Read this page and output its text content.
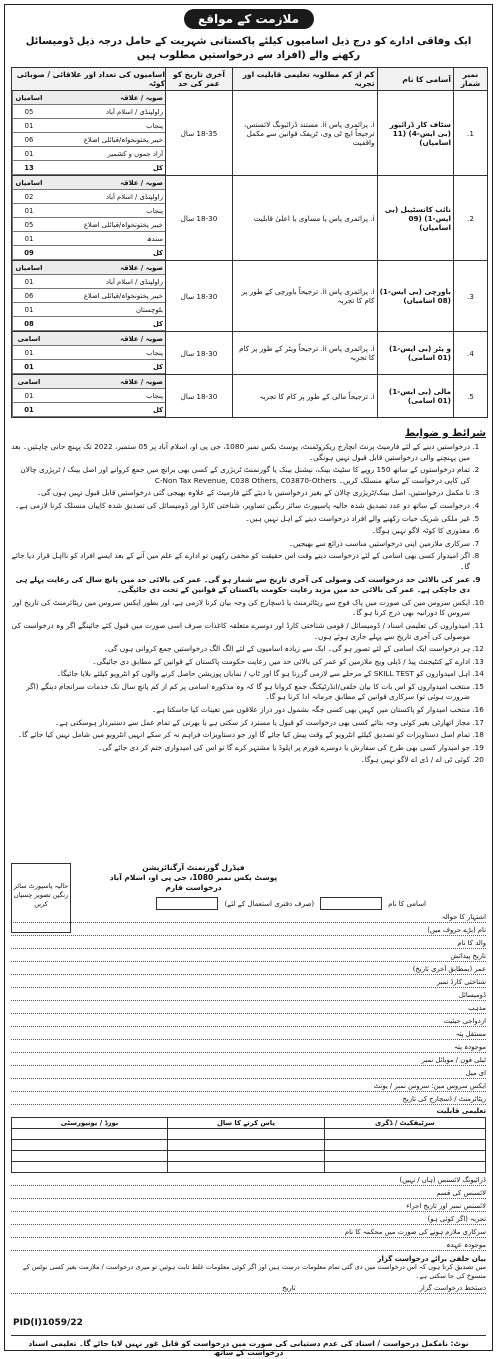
ملازمت کے مواقع
ایک وفاقی ادارے کو درج ذیل اسامیوں کیلئے پاکستانی شہریت کے حامل درجہ ذیل ڈومیسائل رکھنے والے (افراد سے درخواستیں مطلوب ہیں
نمبر شمار	آسامی کا نام	کم از کم مطلوبہ تعلیمی قابلیت اور تجربہ	آخری تاریخ کو عمر کی حد	اسامیوں کی تعداد اور علاقائی / صوبائی کوٹہ
1.	سٹاف کار ڈرائیور (بی ایس-4) (11 اسامیاں)	i. پرائمری پاس ii. مستند ڈرائیونگ لائسنس، ترجیحاً ایچ ٹی وی، ٹریفک قوانین سے مکمل واقفیت	18-35 سال	
صوبہ / علاقہ	اسامیاں
راولپنڈی / اسلام آباد	05
پنجاب	01
خیبر پختونخواہ/قبائلی اضلاع	06
آزاد جموں و کشمیر	01
کل	13

2.	نائب کانسٹیبل (بی ایس-1) (09 اسامیاں)	i. پرائمری پاس یا مساوی یا اعلیٰ قابلیت	18-30 سال	
صوبہ / علاقہ	اسامیاں
راولپنڈی / اسلام آباد	02
پنجاب	01
خیبر پختونخواہ/قبائلی اضلاع	05
سندھ	01
کل	09

3.	باورچی (بی ایس-1) (08 اسامیاں)	i. پرائمری پاس ii. ترجیحاً باورچی کے طور پر کام کا تجربہ	18-30 سال	
صوبہ / علاقہ	اسامیاں
راولپنڈی / اسلام آباد	01
خیبر پختونخواہ/قبائلی اضلاع	06
بلوچستان	01
کل	08

4.	و یٹر (بی ایس-1) (01 اسامی)	i. پرائمری پاس ii. ترجیحاً ویٹر کے طور پر کام کا تجربہ	18-30 سال	
صوبہ / علاقہ	اسامی
پنجاب	01
کل	01

5.	مالی (بی ایس-1) (01 اسامی)	i. ترجیحاً مالی کے طور پر کام کا تجربہ	18-30 سال	
صوبہ / علاقہ	اسامی
پنجاب	01
کل	01
شرائط و ضوابط
1. درخواستیں دینے کے لئے فارمیٹ پرنٹ انچارج ریکروٹمنٹ، پوسٹ بکس نمبر 1080، جی پی او، اسلام آباد پر 05 ستمبر، 2022 تک پہنچ جانی چاہئیں۔ بعد میں پہنچنے والی درخواستیں قابل قبول نہیں ہونگی۔
2. تمام درخواستوں کے ساتھ 150 روپے کا سٹیٹ بینک، نیشنل بینک یا گورنمنٹ ٹریژری کے کسی بھی برانچ میں جمع کروانے اور اصل بینک / ٹریژری چالان کی کاپی درخواست کے ساتھ منسلک کریں۔ C-Non Tax Revenue, C038 Others, C03870-Others
3. نا مکمل درخواستیں، اصل بینک/ٹریژری چالان کے بغیر درخواستیں یا دیئے گئے فارمیٹ کے علاوہ بھیجی گئی درخواستیں قابل قبول نہیں ہوں گی۔
4. درخواست کے ساتھ دو عدد تصدیق شدہ حالیہ پاسپورٹ سائز رنگین تصاویر، شناختی کارڈ اور ڈومیسائل کی تصدیق شدہ کاپیاں منسلک کرنا لازمی ہے۔
5. غیر ملکی شریک حیات رکھنے والے افراد درخواست دینے کے اہل نہیں ہیں۔
6. معذوری کا کوٹہ لاگو نہیں ہوگا۔
7. سرکاری ملازمین اپنی درخواستیں مناسب ذرائع سے بھیجیں۔
8. اگر امیدوار کسی بھی اسامی کے لئے درخواست دیتے وقت اس حقیقت کو مخفی رکھیں تو ادارے کے علم میں آنے کے بعد ایسے افراد کو نااہل قرار دیا جائے گا۔
9. عمر کی بالائی حد درخواست کی وصولی کی آخری تاریخ سے شمار ہو گی۔ عمر کی بالائی حد میں پانچ سال کی رعایت پہلے ہی دی جاچکی ہے۔ عمر کی بالائی حد میں مزید رعایت حکومت پاکستان کے قوانین کے تحت دی جائیگی۔
10. ایکس سروس مین کی صورت میں پاک فوج سے ریٹائرمنٹ یا ڈسچارج کی وجہ بیان کرنا لازمی ہے، اور بطور ایکس سروس مین ریٹائرمنٹ کی تاریخ اور سروس کا دورانیہ بھی درج کرنا ہو گا۔
11. امیدواروں کی تعلیمی اسناد / ڈومیسائل / قومی شناختی کارڈ اور دوسرے متعلقہ کاغذات صرف اسی صورت میں قبول کئے جائینگے اگر وہ درخواست کی موصولی کی آخری تاریخ سے پہلے جاری ہوئے ہوں۔
12. ہر درخواست ایک اسامی کے لئے تصور ہو گی۔ ایک سے زیادہ اسامیوں کے لئے الگ الگ درخواستیں جمع کروانی ہوں گی۔
13. ادارے کے کنٹیجنٹ پیڈ / ڈیلی ویج ملازمین کو عمر کی بالائی حد میں رعایت حکومت پاکستان کے قوانین کے مطابق دی جائیگی۔
14. اہل امیدواروں کو SKILL TEST کے مرحلے سے لازمی گزرنا ہو گا اور ٹاپ / نمایاں پوزیشن حاصل کرنے والوں کو انٹرویو کیلئے بلایا جائیگا۔
15. منتخب امیدواروں کو اس بات کا بیان حلفی/انڈرٹیکنگ جمع کروانا ہو گا کہ وہ مذکورہ اسامی پر کم از کم پانچ سال تک خدمات سرانجام دینگے (اگر ضرورت ہوئی تو) سرکاری قوانین کے مطابق جرمانہ ادا کرنا ہو گا۔
16. منتخب امیدوار کو پاکستان میں کہیں بھی کسی جگہ بشمول دور دراز علاقوں میں تعینات کیا جاسکتا ہے۔
17. مجاز اتھارٹی بغیر کوئی وجہ بتائے کسی بھی درخواست کو قبول یا مسترد کر سکتی ہے یا بھرتی کے تمام عمل سے دستبردار ہوسکتی ہے۔
18. تمام اصل دستاویزات کو تصدیق کیلئے انٹرویو کے وقت پیش کیا جائے گا اور جو دستاویزات فراہم نہ کر سکے انہیں انٹرویو میں شامل نہیں کیا جائے گا۔
19. جو امیدوار کسی بھی طرح کی سفارش یا دوسرے فورم پر اپلوڈ یا مشتہر کرے گا تو اس کی امیدواری ختم کر دی جائے گی۔
20. کوئی ٹی اے / ڈی اے لاگو نہیں ہوگا۔
حالیہ پاسپورٹ سائز رنگین تصویر چسپاں کریں
فیڈرل گورنمنٹ آرگنائزیشن
پوسٹ بکس نمبر 1080، جی پی او، اسلام آباد
درخواست فارم
اسامی کا نام
(صرف دفتری استعمال کے لئے)
اشتہار کا حوالہ
نام (بڑے حروف میں)
والد کا نام
تاریخ پیدائش
عمر (بمطابق آخری تاریخ)
شناختی کارڈ نمبر
ڈومیسائل
مذہب
ازدواجی حیثیت
مستقل پتہ
موجودہ پتہ
ٹیلی فون / موبائل نمبر
ای میل
ایکس سروس مین: سروس نمبر / یونٹ
ریٹائرمنٹ / ڈسچارج کی تاریخ
تعلیمی قابلیت
سرٹیفکیٹ / ڈگری	پاس کرنے کا سال	بورڈ / یونیورسٹی

ڈرائیونگ لائسنس (ہاں / نہیں)
لائسنس کی قسم
لائسنس نمبر اور تاریخ اجراء
تجربہ (اگر کوئی ہو)
سرکاری ملازم ہونے کی صورت میں محکمہ کا نام
موجودہ عہدہ
بیان حلفی برائے درخواست گزار
میں تصدیق کرتا ہوں کہ اس درخواست میں دی گئی تمام معلومات درست ہیں اور اگر کوئی معلومات غلط ثابت ہوئیں تو میری درخواست / ملازمت بغیر کسی نوٹس کے منسوخ کی جا سکتی ہے۔
دستخط درخواست گزار
تاریخ
PID(I)1059/22
نوٹ: نامکمل درخواست / اسناد کی عدم دستیابی کی صورت میں درخواست کو قابل غور نہیں لایا جائے گا۔ تعلیمی اسناد درخواست کے ساتھ
